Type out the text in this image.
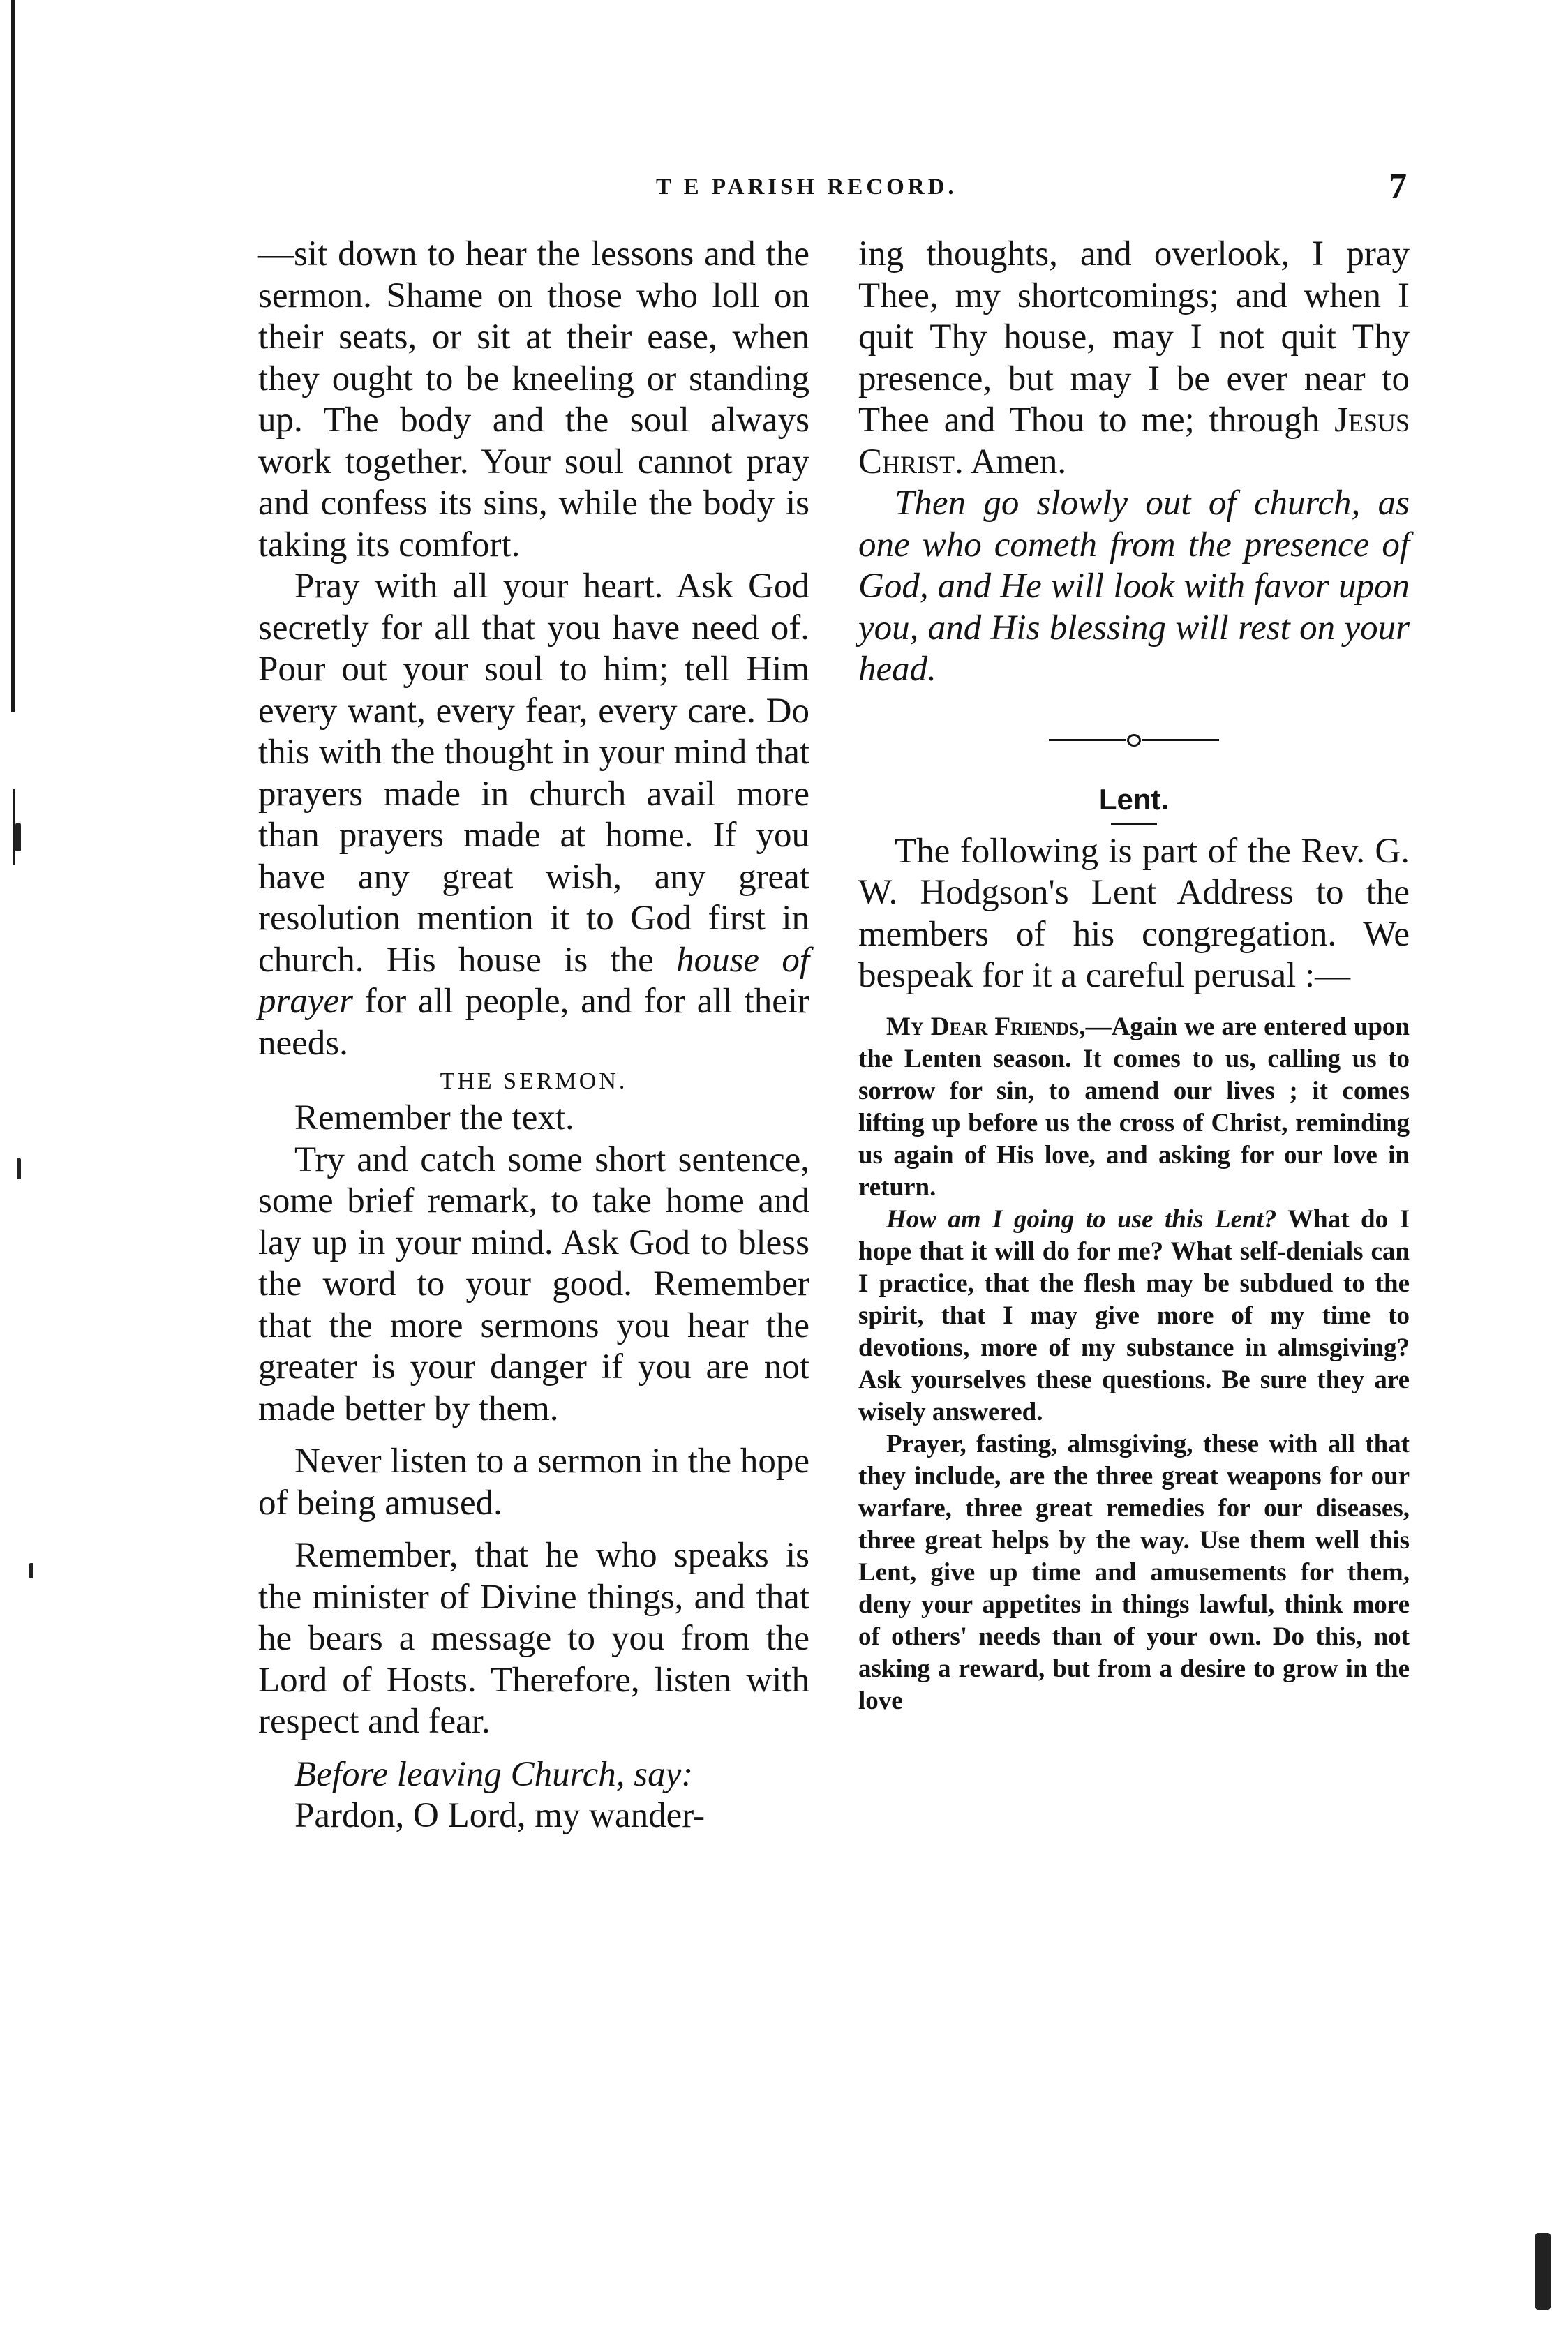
T E PARISH RECORD.	7

—sit down to hear the lessons and the sermon. Shame on those who loll on their seats, or sit at their ease, when they ought to be kneeling or standing up. The body and the soul always work together. Your soul cannot pray and confess its sins, while the body is taking its comfort.

Pray with all your heart. Ask God secretly for all that you have need of. Pour out your soul to him; tell Him every want, every fear, every care. Do this with the thought in your mind that prayers made in church avail more than prayers made at home. If you have any great wish, any great resolution mention it to God first in church. His house is the house of prayer for all people, and for all their needs.

THE SERMON.

Remember the text.

Try and catch some short sentence, some brief remark, to take home and lay up in your mind. Ask God to bless the word to your good. Remember that the more sermons you hear the greater is your danger if you are not made better by them.

Never listen to a sermon in the hope of being amused.

Remember, that he who speaks is the minister of Divine things, and that he bears a message to you from the Lord of Hosts. Therefore, listen with respect and fear.

Before leaving Church, say:

Pardon, O Lord, my wander-

ing thoughts, and overlook, I pray Thee, my shortcomings; and when I quit Thy house, may I not quit Thy presence, but may I be ever near to Thee and Thou to me; through Jesus Christ. Amen.

Then go slowly out of church, as one who cometh from the presence of God, and He will look with favor upon you, and His blessing will rest on your head.

Lent.

The following is part of the Rev. G. W. Hodgson's Lent Address to the members of his congregation. We bespeak for it a careful perusal :—

My Dear Friends,—Again we are entered upon the Lenten season. It comes to us, calling us to sorrow for sin, to amend our lives ; it comes lifting up before us the cross of Christ, reminding us again of His love, and asking for our love in return.

How am I going to use this Lent? What do I hope that it will do for me? What self-denials can I practice, that the flesh may be subdued to the spirit, that I may give more of my time to devotions, more of my substance in almsgiving? Ask yourselves these questions. Be sure they are wisely answered.

Prayer, fasting, almsgiving, these with all that they include, are the three great weapons for our warfare, three great remedies for our diseases, three great helps by the way. Use them well this Lent, give up time and amusements for them, deny your appetites in things lawful, think more of others' needs than of your own. Do this, not asking a reward, but from a desire to grow in the love
